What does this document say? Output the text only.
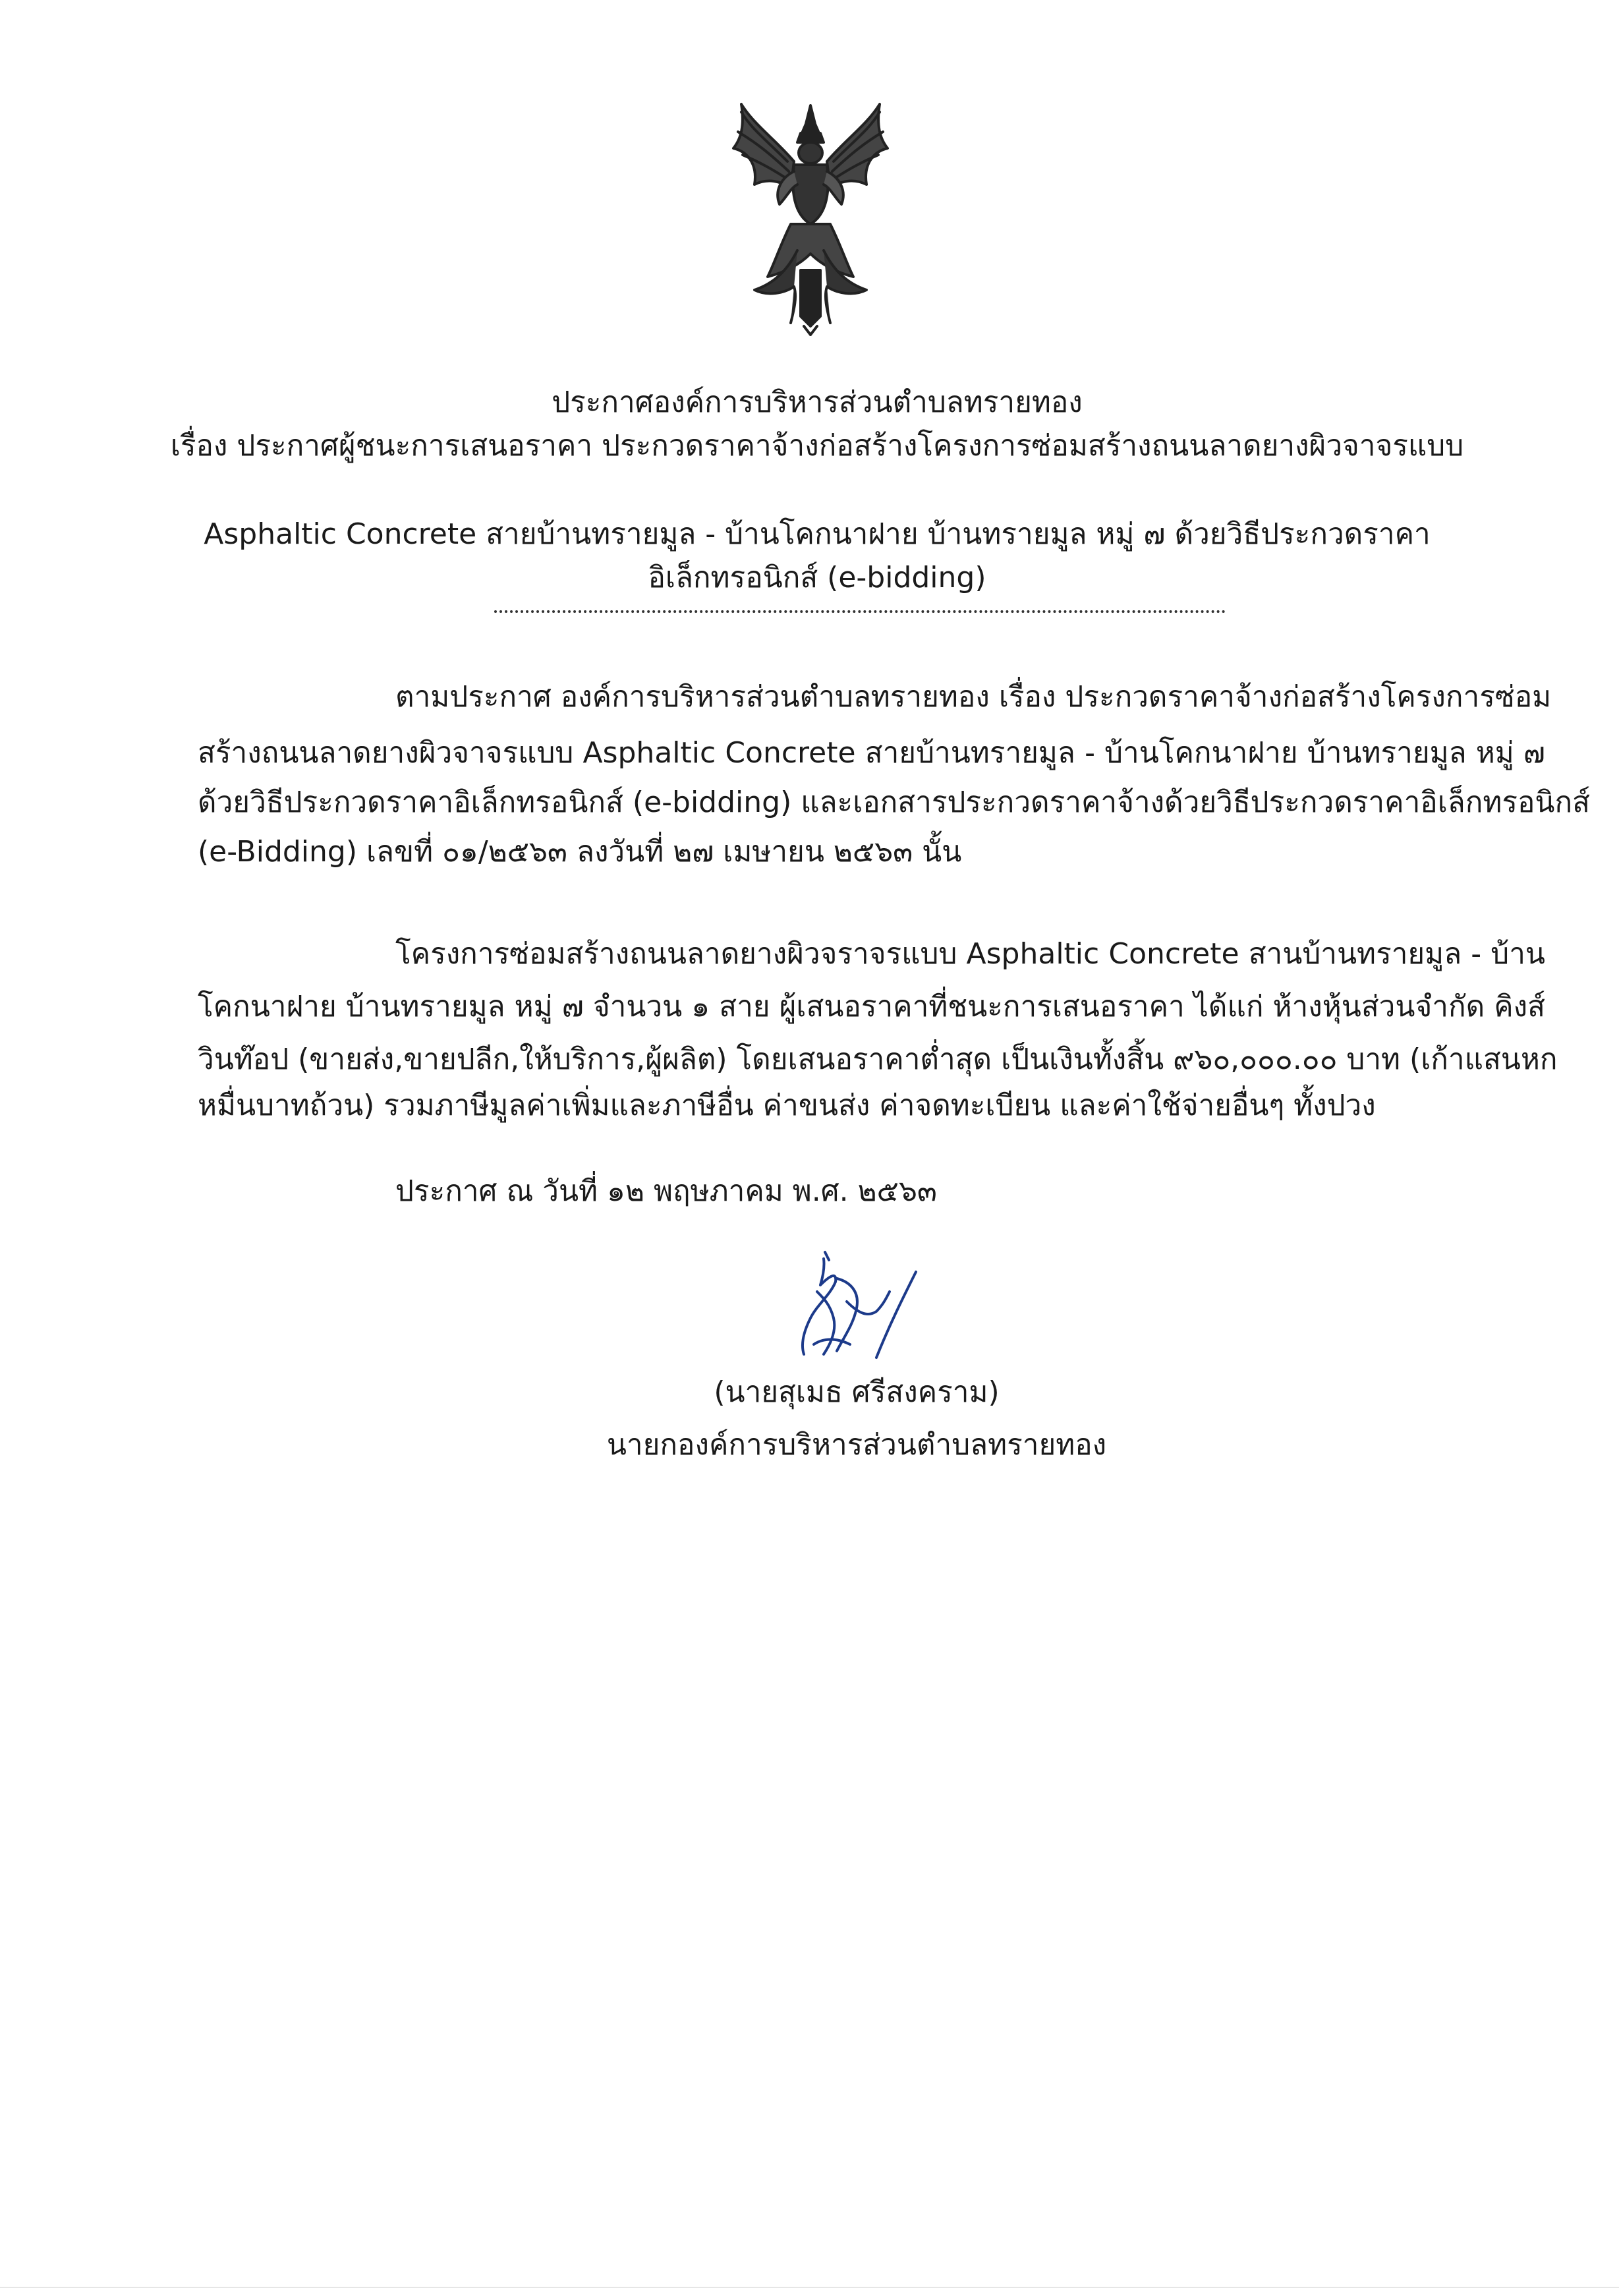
ประกาศองค์การบริหารส่วนตำบลทรายทอง
เรื่อง ประกาศผู้ชนะการเสนอราคา ประกวดราคาจ้างก่อสร้างโครงการซ่อมสร้างถนนลาดยางผิวจาจรแบบ
Asphaltic Concrete สายบ้านทรายมูล - บ้านโคกนาฝาย บ้านทรายมูล หมู่ ๗ ด้วยวิธีประกวดราคา
อิเล็กทรอนิกส์ (e-bidding)
ตามประกาศ องค์การบริหารส่วนตำบลทรายทอง เรื่อง ประกวดราคาจ้างก่อสร้างโครงการซ่อม
สร้างถนนลาดยางผิวจาจรแบบ Asphaltic Concrete สายบ้านทรายมูล - บ้านโคกนาฝาย บ้านทรายมูล หมู่ ๗
ด้วยวิธีประกวดราคาอิเล็กทรอนิกส์ (e-bidding) และเอกสารประกวดราคาจ้างด้วยวิธีประกวดราคาอิเล็กทรอนิกส์
(e-Bidding) เลขที่ ๐๑/๒๕๖๓ ลงวันที่ ๒๗ เมษายน ๒๕๖๓ นั้น
โครงการซ่อมสร้างถนนลาดยางผิวจราจรแบบ Asphaltic Concrete สานบ้านทรายมูล - บ้าน
โคกนาฝาย บ้านทรายมูล หมู่ ๗ จำนวน ๑ สาย ผู้เสนอราคาที่ชนะการเสนอราคา ได้แก่ ห้างหุ้นส่วนจำกัด คิงส์
วินท๊อป (ขายส่ง,ขายปลีก,ให้บริการ,ผู้ผลิต) โดยเสนอราคาต่ำสุด เป็นเงินทั้งสิ้น ๙๖๐,๐๐๐.๐๐ บาท (เก้าแสนหก
หมื่นบาทถ้วน) รวมภาษีมูลค่าเพิ่มและภาษีอื่น ค่าขนส่ง ค่าจดทะเบียน และค่าใช้จ่ายอื่นๆ ทั้งปวง
ประกาศ ณ วันที่ ๑๒ พฤษภาคม พ.ศ. ๒๕๖๓
(นายสุเมธ ศรีสงคราม)
นายกองค์การบริหารส่วนตำบลทรายทอง
